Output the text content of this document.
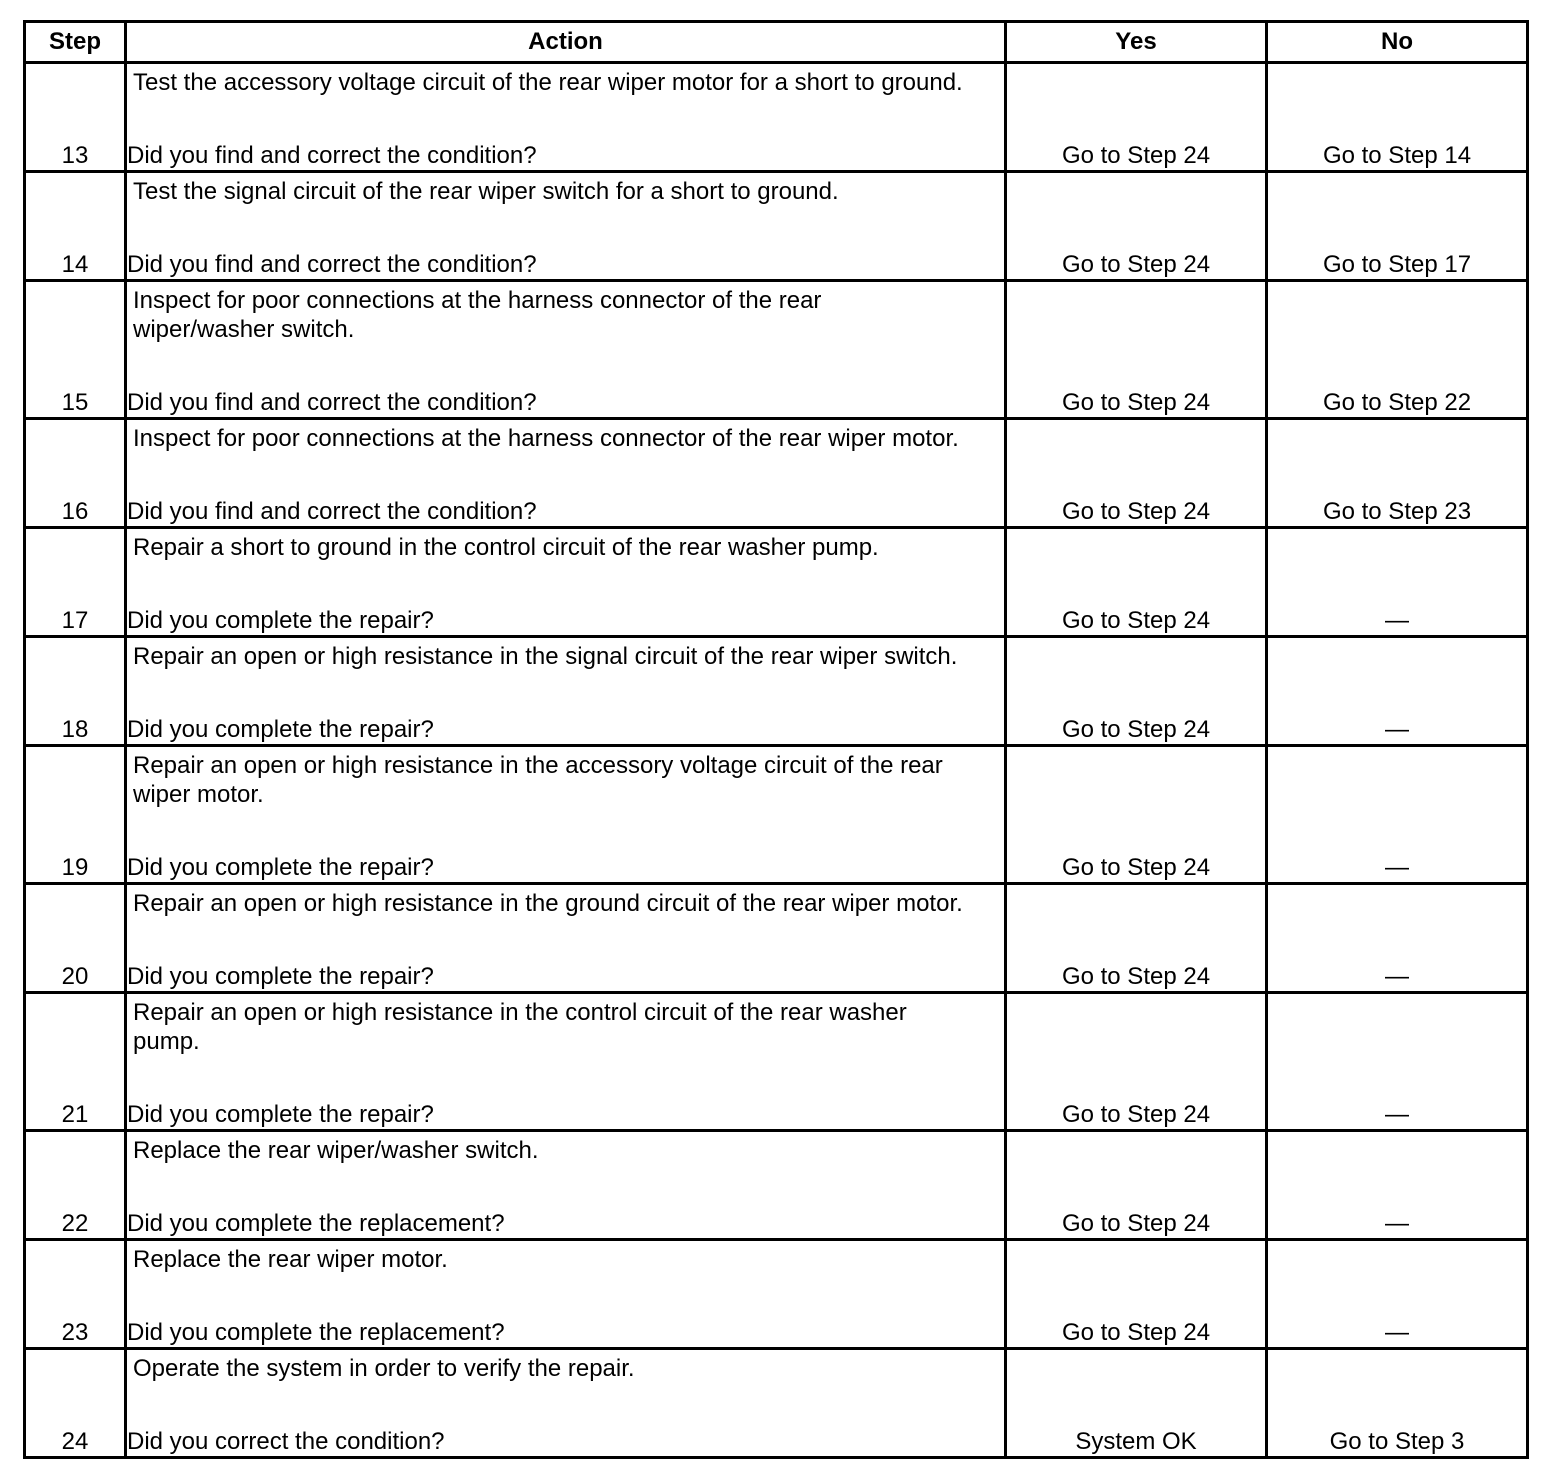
Step	Action	Yes	No
13	Test the accessory voltage circuit of the rear wiper motor for a short to ground.
Did you find and correct the condition?	Go to Step 24	Go to Step 14
14	Test the signal circuit of the rear wiper switch for a short to ground.
Did you find and correct the condition?	Go to Step 24	Go to Step 17
15	Inspect for poor connections at the harness connector of the rear wiper/washer switch.
Did you find and correct the condition?	Go to Step 24	Go to Step 22
16	Inspect for poor connections at the harness connector of the rear wiper motor.
Did you find and correct the condition?	Go to Step 24	Go to Step 23
17	Repair a short to ground in the control circuit of the rear washer pump.
Did you complete the repair?	Go to Step 24	—
18	Repair an open or high resistance in the signal circuit of the rear wiper switch.
Did you complete the repair?	Go to Step 24	—
19	Repair an open or high resistance in the accessory voltage circuit of the rear wiper motor.
Did you complete the repair?	Go to Step 24	—
20	Repair an open or high resistance in the ground circuit of the rear wiper motor.
Did you complete the repair?	Go to Step 24	—
21	Repair an open or high resistance in the control circuit of the rear washer pump.
Did you complete the repair?	Go to Step 24	—
22	Replace the rear wiper/washer switch.
Did you complete the replacement?	Go to Step 24	—
23	Replace the rear wiper motor.
Did you complete the replacement?	Go to Step 24	—
24	Operate the system in order to verify the repair.
Did you correct the condition?	System OK	Go to Step 3
